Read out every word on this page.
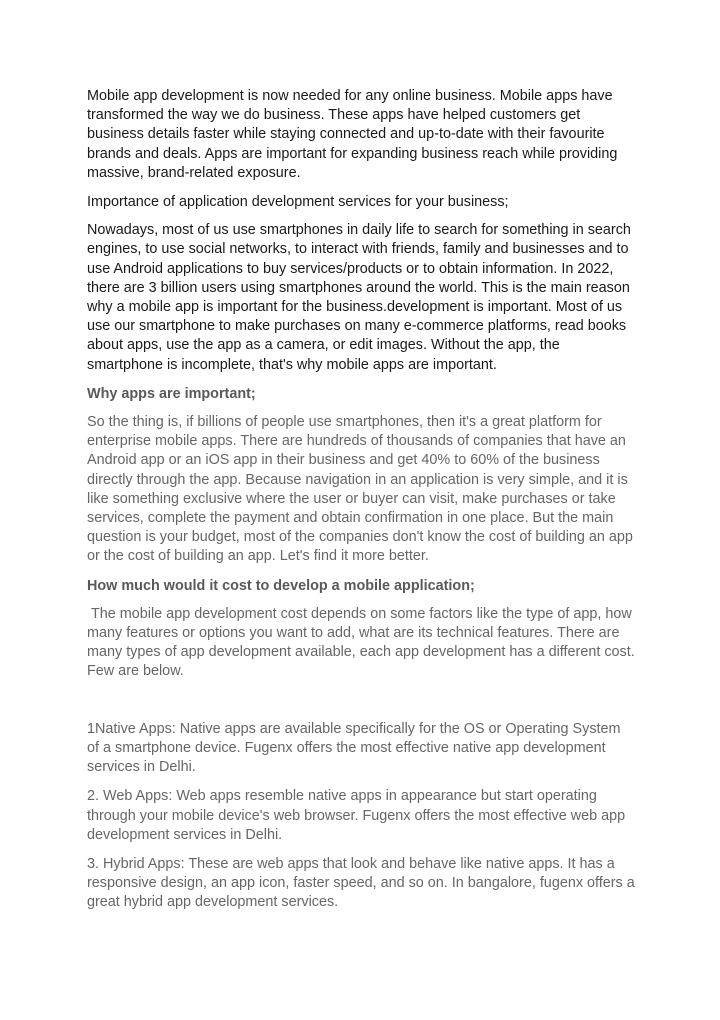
Mobile app development is now needed for any online business. Mobile apps have transformed the way we do business. These apps have helped customers get business details faster while staying connected and up-to-date with their favourite brands and deals. Apps are important for expanding business reach while providing massive, brand-related exposure.

Importance of application development services for your business;

Nowadays, most of us use smartphones in daily life to search for something in search engines, to use social networks, to interact with friends, family and businesses and to use Android applications to buy services/products or to obtain information. In 2022, there are 3 billion users using smartphones around the world. This is the main reason why a mobile app is important for the business.development is important. Most of us use our smartphone to make purchases on many e-commerce platforms, read books about apps, use the app as a camera, or edit images. Without the app, the smartphone is incomplete, that's why mobile apps are important.

Why apps are important;

So the thing is, if billions of people use smartphones, then it's a great platform for enterprise mobile apps. There are hundreds of thousands of companies that have an Android app or an iOS app in their business and get 40% to 60% of the business directly through the app. Because navigation in an application is very simple, and it is like something exclusive where the user or buyer can visit, make purchases or take services, complete the payment and obtain confirmation in one place. But the main question is your budget, most of the companies don't know the cost of building an app or the cost of building an app. Let's find it more better.

How much would it cost to develop a mobile application;

The mobile app development cost depends on some factors like the type of app, how many features or options you want to add, what are its technical features. There are many types of app development available, each app development has a different cost. Few are below.

1Native Apps: Native apps are available specifically for the OS or Operating System of a smartphone device. Fugenx offers the most effective native app development services in Delhi.

2. Web Apps: Web apps resemble native apps in appearance but start operating through your mobile device's web browser. Fugenx offers the most effective web app development services in Delhi.

3. Hybrid Apps: These are web apps that look and behave like native apps. It has a responsive design, an app icon, faster speed, and so on. In bangalore, fugenx offers a great hybrid app development services.
